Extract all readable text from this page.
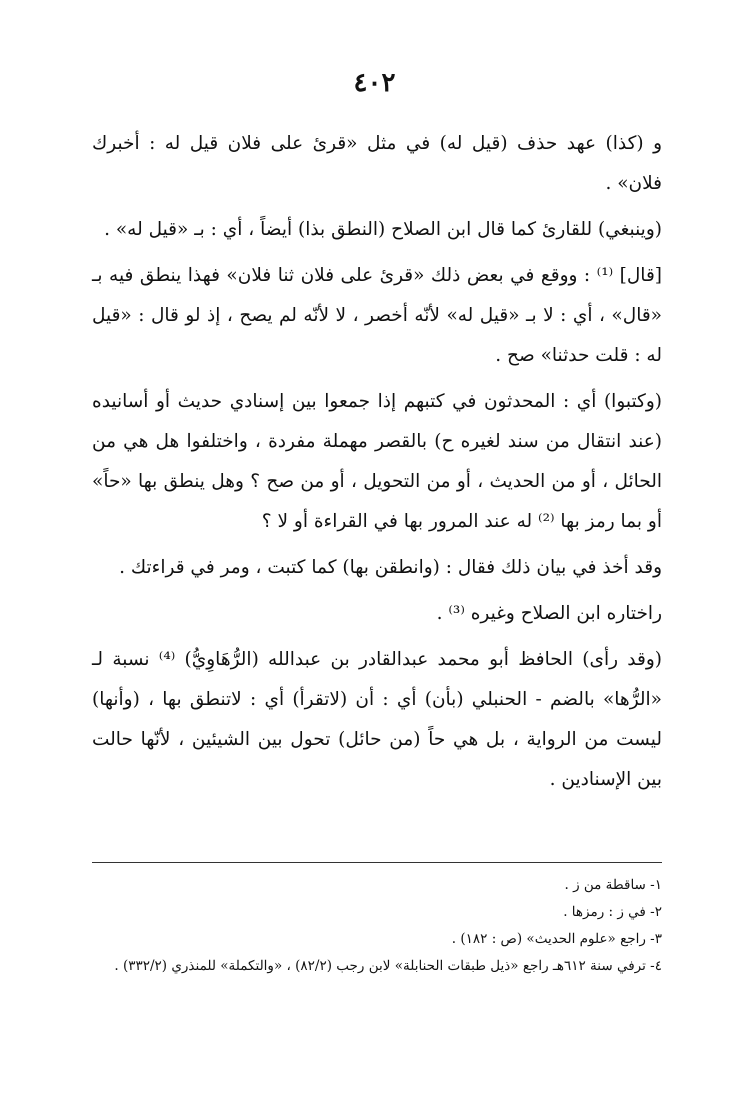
٤٠٢

و (كذا) عهد حذف (قيل له) في مثل «قرئ على فلان قيل له : أخبرك فلان» .

(وينبغي) للقارئ كما قال ابن الصلاح (النطق بذا) أيضاً ، أي : بـ «قيل له» .

[قال] ⁽¹⁾ : ووقع في بعض ذلك «قرئ على فلان ثنا فلان» فهذا ينطق فيه بـ «قال» ، أي : لا بـ «قيل له» لأنّه أخصر ، لا لأنّه لم يصح ، إذ لو قال : «قيل له : قلت حدثنا» صح .

(وكتبوا) أي : المحدثون في كتبهم إذا جمعوا بين إسنادي حديث أو أسانيده (عند انتقال من سند لغيره ح) بالقصر مهملة مفردة ، واختلفوا هل هي من الحائل ، أو من الحديث ، أو من التحويل ، أو من صح ؟ وهل ينطق بها «حاً» أو بما رمز بها ⁽²⁾ له عند المرور بها في القراءة أو لا ؟

وقد أخذ في بيان ذلك فقال : (وانطقن بها) كما كتبت ، ومر في قراءتك .

راختاره ابن الصلاح وغيره ⁽³⁾ .

(وقد رأى) الحافظ أبو محمد عبدالقادر بن عبدالله (الرُّهَاوِيُّ) ⁽⁴⁾ نسبة لـ «الرُّها» بالضم - الحنبلي (بأن) أي : أن (لاتقرأ) أي : لاتنطق بها ، (وأنها) ليست من الرواية ، بل هي حاً (من حائل) تحول بين الشيئين ، لأنّها حالت بين الإسنادين .

١- ساقطة من ز .

٢- في ز : رمزها .

٣- راجع «علوم الحديث» (ص : ١٨٢) .

٤- ترفي سنة ٦١٢هـ راجع «ذيل طبقات الحنابلة» لابن رجب (٨٢/٢) ، «والتكملة» للمنذري (٣٣٢/٢) .
